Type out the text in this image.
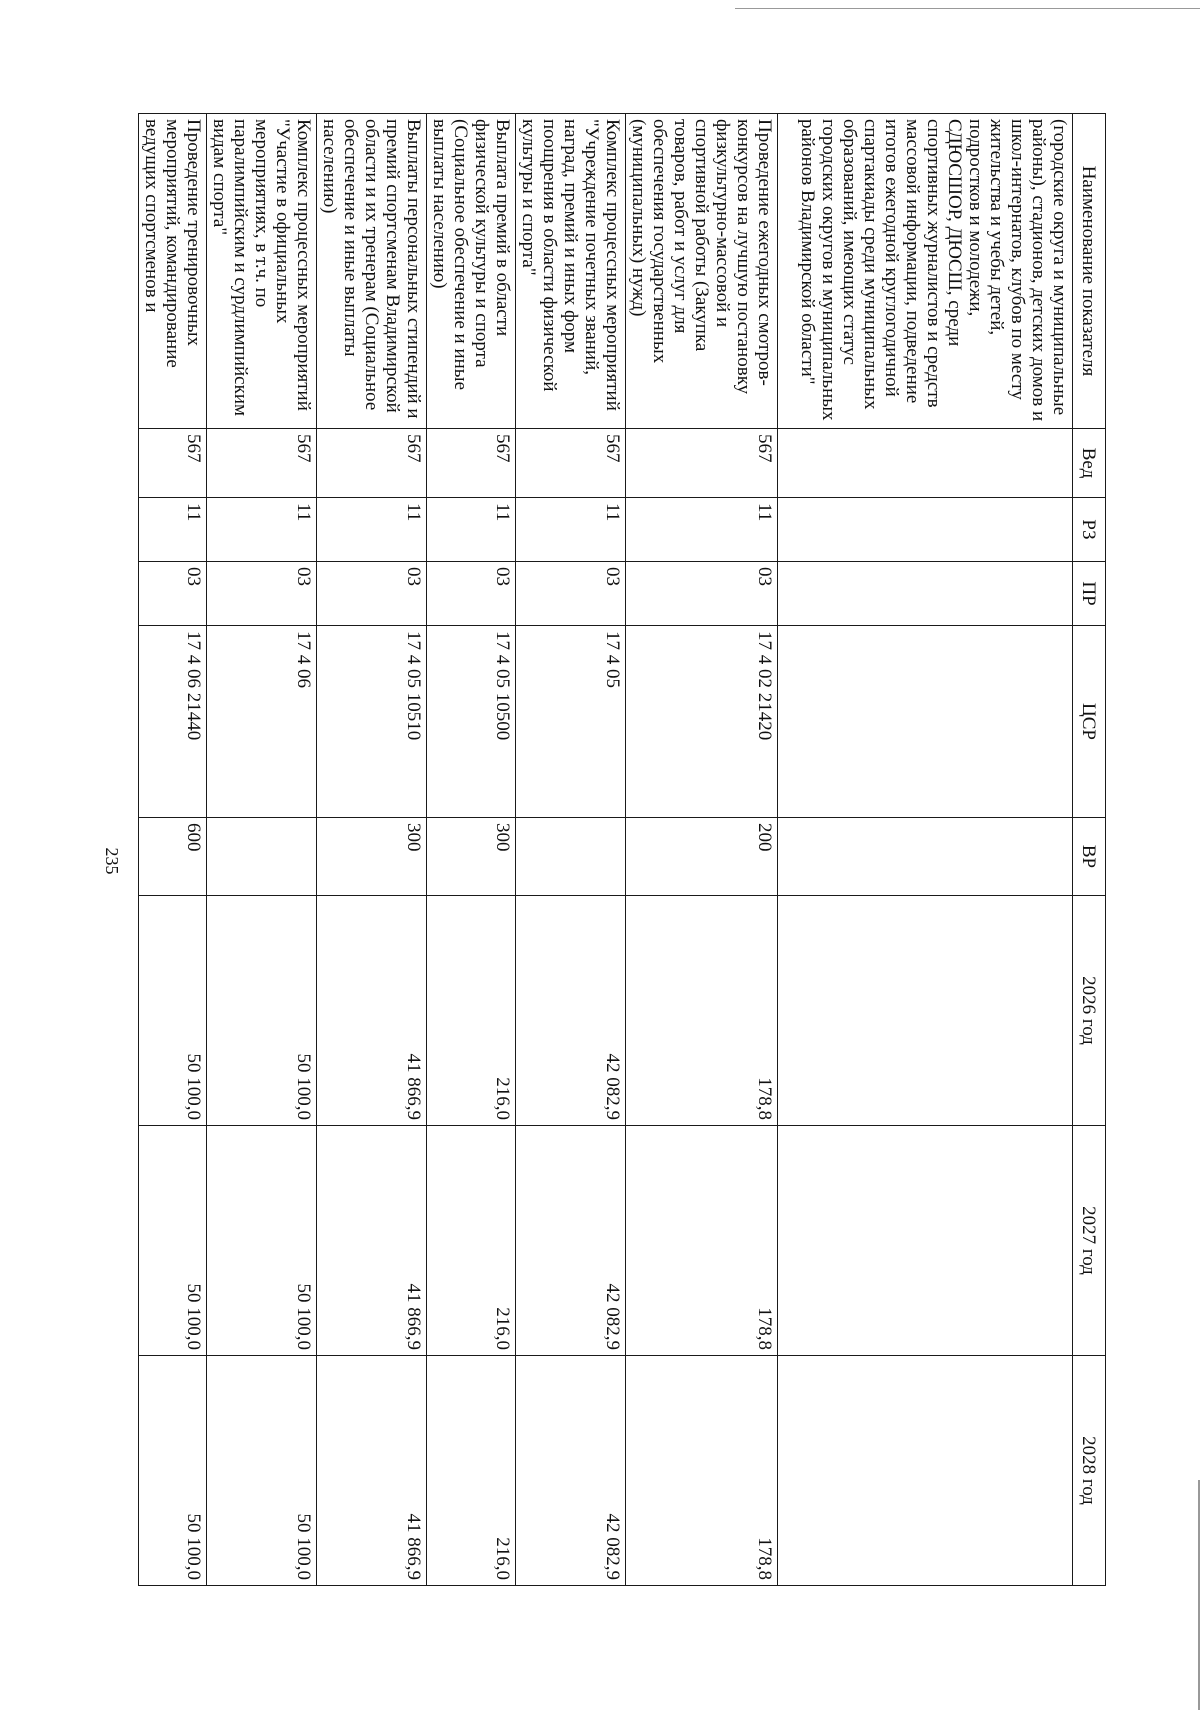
235
Наименование показателя	Вед	РЗ	ПР	ЦСР	ВР	2026 год	2027 год	2028 год
(городские округа и муниципальные районы), стадионов, детских домов и школ-интернатов, клубов по месту жительства и учебы детей, подростков и молодежи, СДЮСШОР, ДЮСШ, среди спортивных журналистов и средств массовой информации, подведение итогов ежегодной круглогодичной спартакиады среди муниципальных образований, имеющих статус городских округов и муниципальных районов Владимирской области"								
Проведение ежегодных смотров-конкурсов на лучшую постановку физкультурно-массовой и спортивной работы (Закупка товаров, работ и услуг для обеспечения государственных (муниципальных) нужд)	567	11	03	17 4 02 21420	200	178,8	178,8	178,8
Комплекс процессных мероприятий "Учреждение почетных званий, наград, премий и иных форм поощрения в области физической культуры и спорта"	567	11	03	17 4 05		42 082,9	42 082,9	42 082,9
Выплата премий в области физической культуры и спорта (Социальное обеспечение и иные выплаты населению)	567	11	03	17 4 05 10500	300	216,0	216,0	216,0
Выплаты персональных стипендий и премий спортсменам Владимирской области и их тренерам (Социальное обеспечение и иные выплаты населению)	567	11	03	17 4 05 10510	300	41 866,9	41 866,9	41 866,9
Комплекс процессных мероприятий "Участие в официальных мероприятиях, в т.ч. по паралимпийским и сурдлимпийским видам спорта"	567	11	03	17 4 06		50 100,0	50 100,0	50 100,0
Проведение тренировочных мероприятий, командирование ведущих спортсменов и	567	11	03	17 4 06 21440	600	50 100,0	50 100,0	50 100,0
